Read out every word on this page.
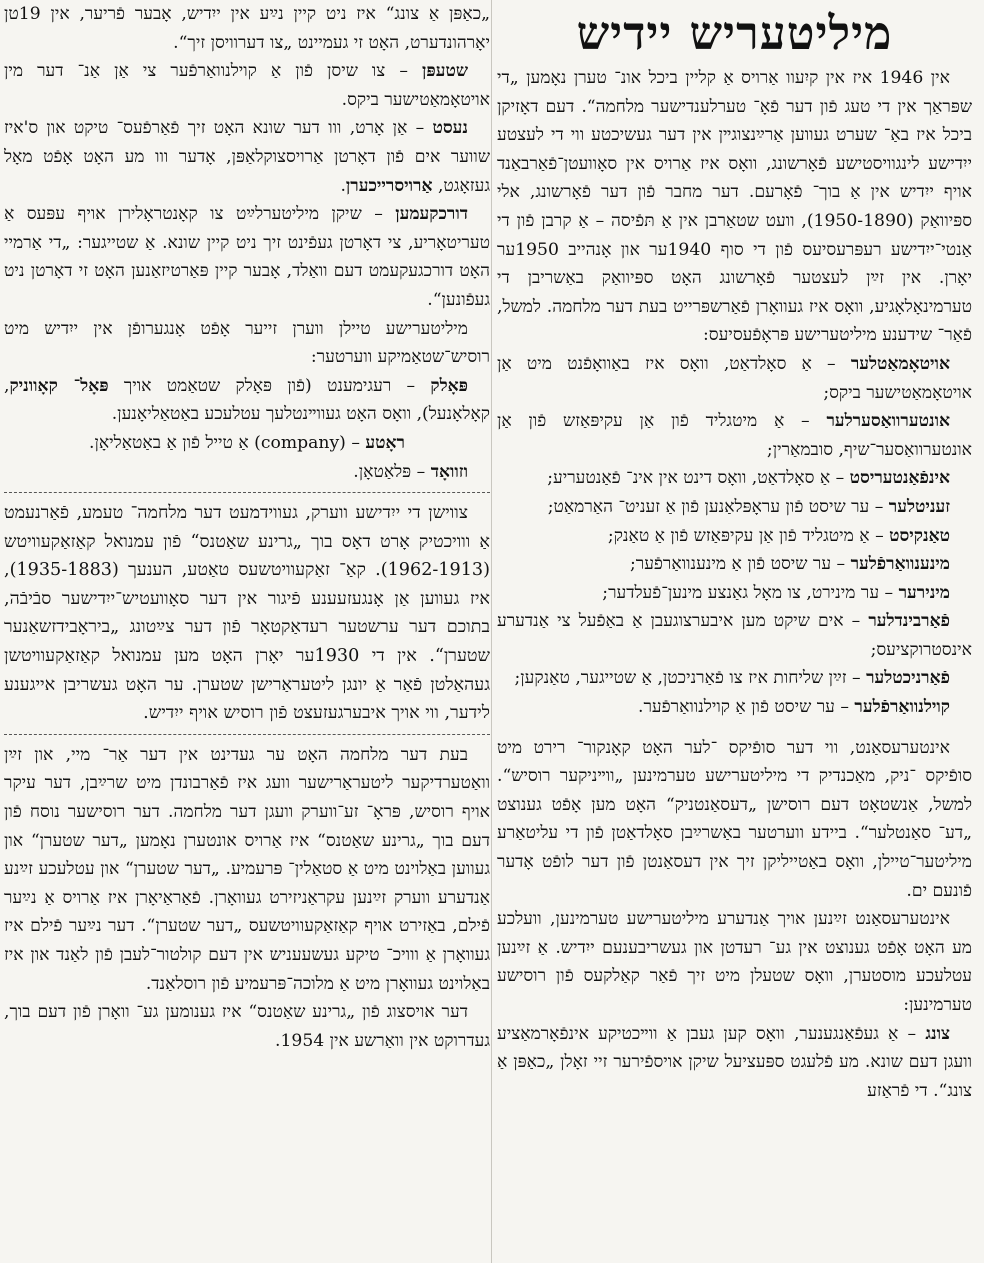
מיליטעריש יידיש

אין 1946 איז אין קיִעוו אַרויס אַ קליין ביכל אונ־ טערן נאָמען „די שפּראַך אין די טעג פֿון דער פֿאָ־ טערלענדישער מלחמה“. דעם דאָזיקן ביכל איז באַ־ שערט געווען אַרײַנצוגײן אין דער געשיכטע ווי די לעצטע ייִדישע לינגוויסטישע פֿאָרשונג, וואָס איז אַרויס אין סאָוועטן־פֿאַרבאַנד אויף ייִדיש אין אַ בוך־ פֿאָרעם. דער מחבר פֿון דער פֿאָרשונג, אלי ספּיוואַק (1890‑1950), וועט שטאַרבן אין אַ תּפֿיסה – אַ קרבן פֿון די אַנטי־ייִדישע רעפּרעסיעס פֿון די סוף 1940ער און אָנהייב 1950ער יאָרן. אין זײַן לעצטער פֿאָרשונג האָט ספּיוואַק באַשריבן די טערמינאָלאָגיע, וואָס איז געוואָרן פֿאַרשפּרייט בעת דער מלחמה. למשל, פֿאַר־ שידענע מיליטערישע פּראָפֿעסיעס:

אויטאָמאַטלער – אַ סאָלדאַט, וואָס איז באַוואָפֿנט מיט אַן אויטאָמאַטישער ביקס;

אונטערוואַסערלער – אַ מיטגליד פֿון אַן עקיפּאַזש פֿון אַן אונטערוואַסער־שיף, סובמאַרין;

אינפֿאַנטעריסט – אַ סאָלדאַט, וואָס דינט אין אינ־ פֿאַנטעריע;

זעניטלער – ער שיסט פֿון עראָפּלאַנען פֿון אַ זעניט־ האַרמאַט;

טאַנקיסט – אַ מיטגליד פֿון אַן עקיפּאַזש פֿון אַ טאַנק;

מינענוואַרפֿלער – ער שיסט פֿון אַ מינענוואַרפֿער;

מינירער – ער מינירט, צו מאָל גאַנצע מינען־פֿעלדער;

פֿאַרבינדלער – אים שיקט מען איבערצוגעבן אַ באַפֿעל צי אַנדערע אינסטרוקציעס;

פֿאַרניכטלער – זײַן שליחות איז צו פֿאַרניכטן, אַ שטייגער, טאַנקען;

קוילנוואַרפֿלער – ער שיסט פֿון אַ קוילנוואַרפֿער.

אינטערעסאַנט, ווי דער סופֿיקס ־לער האָט קאָנקור־ רירט מיט סופֿיקס ־ניק, מאַכנדיק די מיליטערישע טערמינען „ווײניקער רוסיש“. למשל, אַנשטאָט דעם רוסישן „דעסאַנטניק“ האָט מען אָפֿט גענוצט „דע־ סאַנטלער“. ביידע ווערטער באַשרײַבן סאָלדאַטן פֿון די עליטאַרע מיליטער־טיילן, וואָס באַטייליקן זיך אין דעסאַנטן פֿון דער לופֿט אָדער פֿונעם ים.

אינטערעסאַנט זײַנען אויך אַנדערע מיליטערישע טערמינען, וועלכע מע האָט אָפֿט גענוצט אין גע־ רעדטן און געשריבענעם ייִדיש. אַ זײַנען עטלעכע מוסטערן, וואָס שטעלן מיט זיך פֿאַר קאַלקעס פֿון רוסישע טערמינען:

צונג – אַ געפֿאַנגענער, וואָס קען געבן אַ ווײכטיקע אינפֿאָרמאַציע וועגן דעם שונא. מע פֿלעגט ספּעציעל שיקן אויספֿירער זיי זאָלן „כאַפּן אַ צונג“. די פֿראַזע

„כאַפּן אַ צונג“ איז ניט קיין נײַע אין ייִדיש, אָבער פֿריער, אין 19טן יאָרהונדערט, האָט זי געמיינט „צו דערוויסן זיך“.

שטעפּן – צו שיסן פֿון אַ קוילנוואַרפֿער צי אַן אַנ־ דער מין אויטאָמאַטישער ביקס.

נעסט – אַן אָרט, ווו דער שונא האָט זיך פֿאַרפֿעס־ טיקט און ס'איז שווער אים פֿון דאָרטן אַרויסצוקלאַפּן, אָדער ווו מע האָט אָפֿט מאָל געזאָגט, אַרויסרייכערן.

דורכקעמען – שיקן מיליטערלײַט צו קאָנטראָלירן אויף עפּעס אַ טעריטאָריע, צי דאָרטן געפֿינט זיך ניט קיין שונא. אַ שטייגער: „די אַרמיי האָט דורכגעקעמט דעם וואַלד, אָבער קיין פּאַרטיזאַנען האָט זי דאָרטן ניט געפֿונען“.

מיליטערישע טיילן ווערן זייער אָפֿט אָנגערופֿן אין ייִדיש מיט רוסיש־שטאַמיקע ווערטער:

פּאָלק – רעגימענט (פֿון פּאָלק שטאַמט אויך פּאָל־ קאָווניק, קאָלאָנעל), וואָס האָט געווײנטלעך עטלעכע באַטאַליאָנען.

ראָטע – (company) אַ טייל פֿון אַ באַטאַליאָן.

וזוואָד – פּלאַטאָן.

צווישן די ייִדישע ווערק, געווידמעט דער מלחמה־ טעמע, פֿאַרנעמט אַ ווויכטיק אָרט דאָס בוך „גרינע שאַטנס“ פֿון עמנואל קאַזאַקעוויטש (1913‑1962). קאַ־ זאַקעוויטשעס טאַטע, הענעך (1883‑1935), איז געווען אַן אָנגעזעענע פֿיגור אין דער סאָוועטיש־ייִדישער סבֿיבֿה, בתוכם דער ערשטער רעדאַקטאָר פֿון דער צײַטונג „ביראָבידזשאַנער שטערן“. אין די 1930ער יאָרן האָט מען עמנואל קאַזאַקעוויטשן געהאַלטן פֿאַר אַ יונגן ליטעראַרישן שטערן. ער האָט געשריבן אייגענע לידער, ווי אויך איבערגעזעצט פֿון רוסיש אויף ייִדיש.

בעת דער מלחמה האָט ער געדינט אין דער אַר־ מיי, און זײַן וואַטערדיקער ליטעראַרישער וועג איז פֿאַרבונדן מיט שרײַבן, דער עיקר אויף רוסיש, פּראָ־ זע־ווערק וועגן דער מלחמה. דער רוסישער נוסח פֿון דעם בוך „גרינע שאַטנס“ איז אַרויס אונטערן נאָמען „דער שטערן“ און געווען באַלוינט מיט אַ סטאַלין־ פּרעמיע. „דער שטערן“ און עטלעכע זײַנע אַנדערע ווערק זײַנען עקראַניזירט געוואָרן. פֿאַראַיאָרן איז אַרויס אַ נײַער פֿילם, באַזירט אויף קאַזאַקעוויטשעס „דער שטערן“. דער נײַער פֿילם איז געוואָרן אַ ווויכ־ טיקע געשעעניש אין דעם קולטור־לעבן פֿון לאַנד און איז באַלוינט געוואָרן מיט אַ מלוכה־פּרעמיע פֿון רוסלאַנד.

דער אויסצוג פֿון „גרינע שאַטנס“ איז גענומען גע־ וואָרן פֿון דעם בוך, געדרוקט אין וואַרשע אין 1954.
